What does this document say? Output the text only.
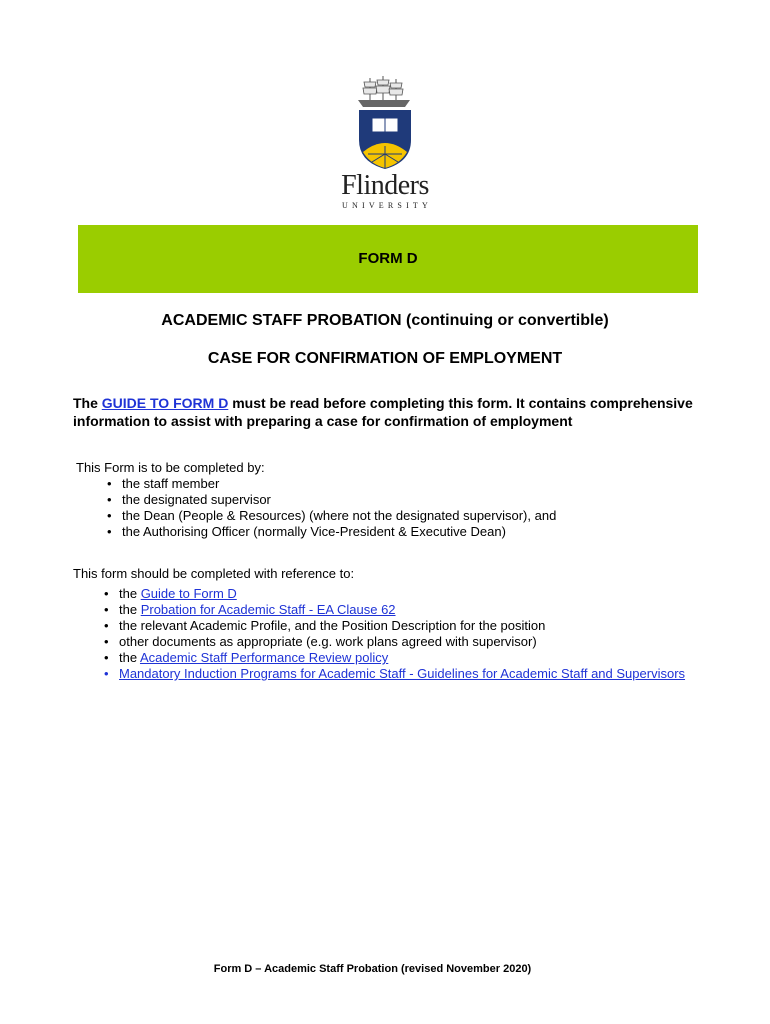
Flinders
UNIVERSITY
FORM D
ACADEMIC STAFF PROBATION (continuing or convertible)
CASE FOR CONFIRMATION OF EMPLOYMENT
The GUIDE TO FORM D must be read before completing this form. It contains comprehensive information to assist with preparing a case for confirmation of employment
This Form is to be completed by:
• the staff member
• the designated supervisor
• the Dean (People & Resources) (where not the designated supervisor), and
• the Authorising Officer (normally Vice-President & Executive Dean)
This form should be completed with reference to:
• the Guide to Form D
• the Probation for Academic Staff - EA Clause 62
• the relevant Academic Profile, and the Position Description for the position
• other documents as appropriate (e.g. work plans agreed with supervisor)
• the Academic Staff Performance Review policy
• Mandatory Induction Programs for Academic Staff - Guidelines for Academic Staff and Supervisors
Form D – Academic Staff Probation (revised November 2020)
